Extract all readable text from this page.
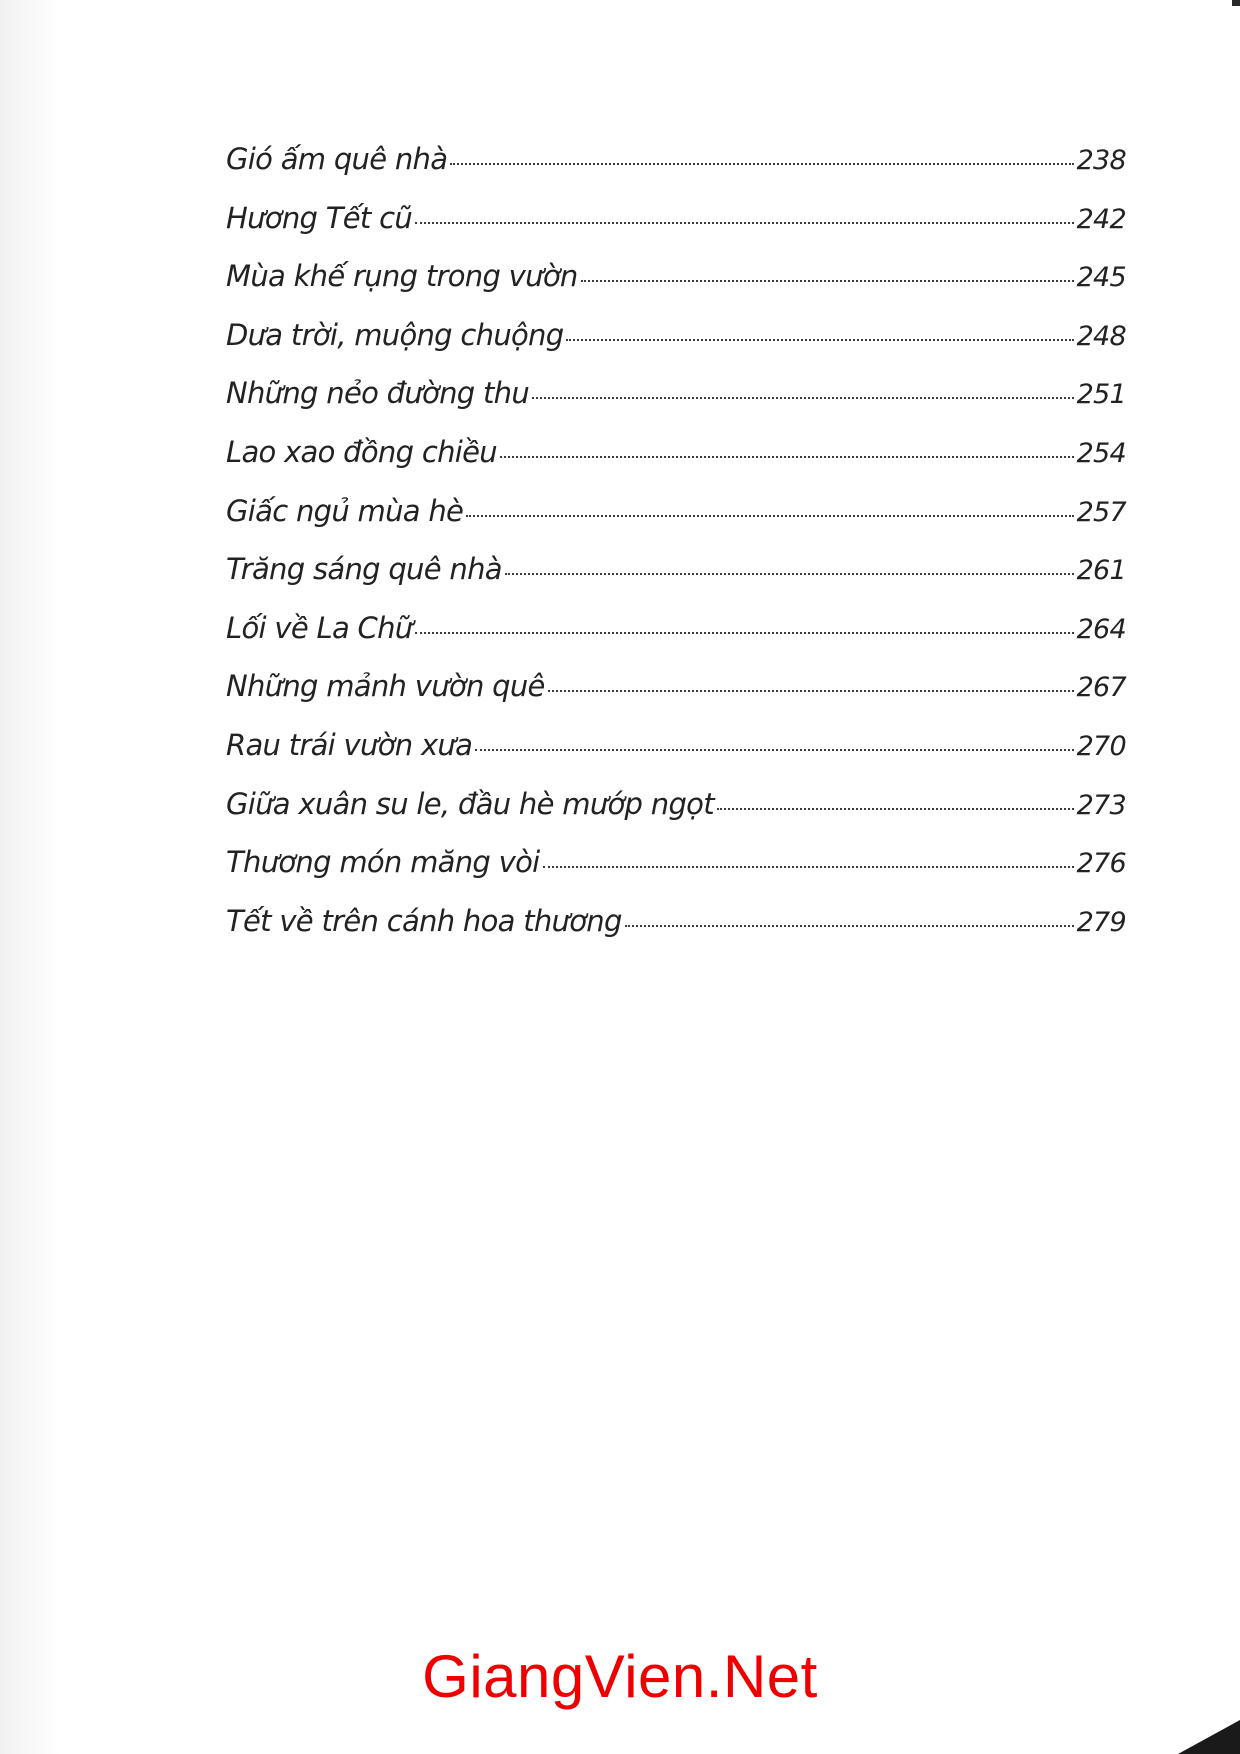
Gió ấm quê nhà	238
Hương Tết cũ	242
Mùa khế rụng trong vườn	245
Dưa trời, muộng chuộng	248
Những nẻo đường thu	251
Lao xao đồng chiều	254
Giấc ngủ mùa hè	257
Trăng sáng quê nhà	261
Lối về La Chữ	264
Những mảnh vườn quê	267
Rau trái vườn xưa	270
Giữa xuân su le, đầu hè mướp ngọt	273
Thương món măng vòi	276
Tết về trên cánh hoa thương	279
GiangVien.Net
